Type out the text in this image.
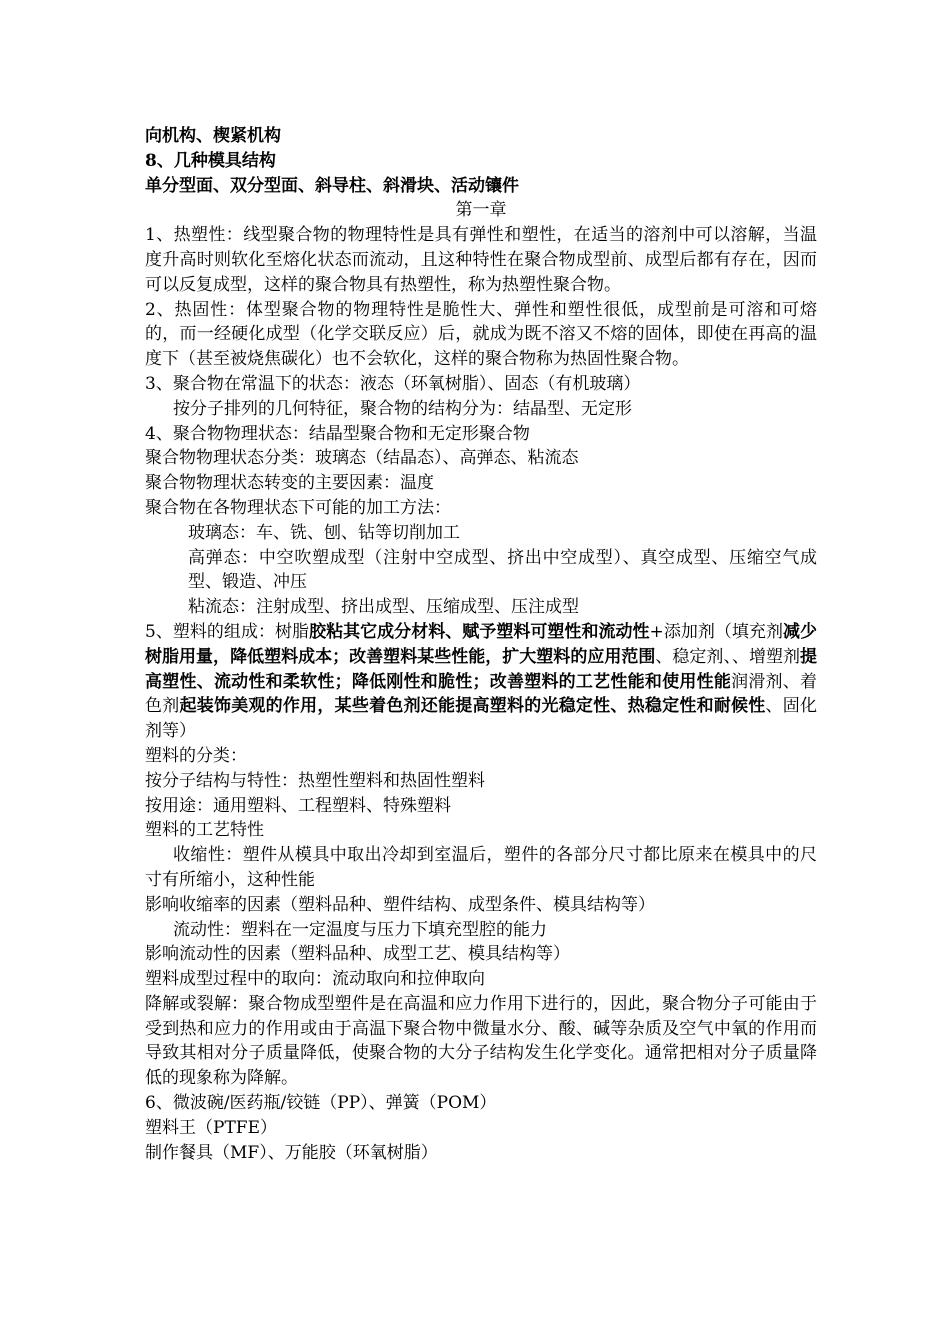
向机构、楔紧机构
8、几种模具结构
单分型面、双分型面、斜导柱、斜滑块、活动镶件
第一章
1、热塑性：线型聚合物的物理特性是具有弹性和塑性，在适当的溶剂中可以溶解，当温度升高时则软化至熔化状态而流动，且这种特性在聚合物成型前、成型后都有存在，因而可以反复成型，这样的聚合物具有热塑性，称为热塑性聚合物。
2、热固性：体型聚合物的物理特性是脆性大、弹性和塑性很低，成型前是可溶和可熔的，而一经硬化成型（化学交联反应）后，就成为既不溶又不熔的固体，即使在再高的温度下（甚至被烧焦碳化）也不会软化，这样的聚合物称为热固性聚合物。
3、聚合物在常温下的状态：液态（环氧树脂）、固态（有机玻璃）
按分子排列的几何特征，聚合物的结构分为：结晶型、无定形
4、聚合物物理状态：结晶型聚合物和无定形聚合物
聚合物物理状态分类：玻璃态（结晶态）、高弹态、粘流态
聚合物物理状态转变的主要因素：温度
聚合物在各物理状态下可能的加工方法：
玻璃态：车、铣、刨、钻等切削加工
高弹态：中空吹塑成型（注射中空成型、挤出中空成型）、真空成型、压缩空气成型、锻造、冲压
粘流态：注射成型、挤出成型、压缩成型、压注成型
5、塑料的组成：树脂胶粘其它成分材料、赋予塑料可塑性和流动性+添加剂（填充剂减少树脂用量，降低塑料成本；改善塑料某些性能，扩大塑料的应用范围、稳定剂、、增塑剂提高塑性、流动性和柔软性；降低刚性和脆性；改善塑料的工艺性能和使用性能润滑剂、着色剂起装饰美观的作用，某些着色剂还能提高塑料的光稳定性、热稳定性和耐候性、固化剂等）
塑料的分类：
按分子结构与特性：热塑性塑料和热固性塑料
按用途：通用塑料、工程塑料、特殊塑料
塑料的工艺特性
收缩性：塑件从模具中取出冷却到室温后，塑件的各部分尺寸都比原来在模具中的尺寸有所缩小，这种性能
影响收缩率的因素（塑料品种、塑件结构、成型条件、模具结构等）
流动性：塑料在一定温度与压力下填充型腔的能力
影响流动性的因素（塑料品种、成型工艺、模具结构等）
塑料成型过程中的取向：流动取向和拉伸取向
降解或裂解：聚合物成型塑件是在高温和应力作用下进行的，因此，聚合物分子可能由于受到热和应力的作用或由于高温下聚合物中微量水分、酸、碱等杂质及空气中氧的作用而导致其相对分子质量降低，使聚合物的大分子结构发生化学变化。通常把相对分子质量降低的现象称为降解。
6、微波碗/医药瓶/铰链（PP）、弹簧（POM）
塑料王（PTFE）
制作餐具（MF）、万能胶（环氧树脂）
